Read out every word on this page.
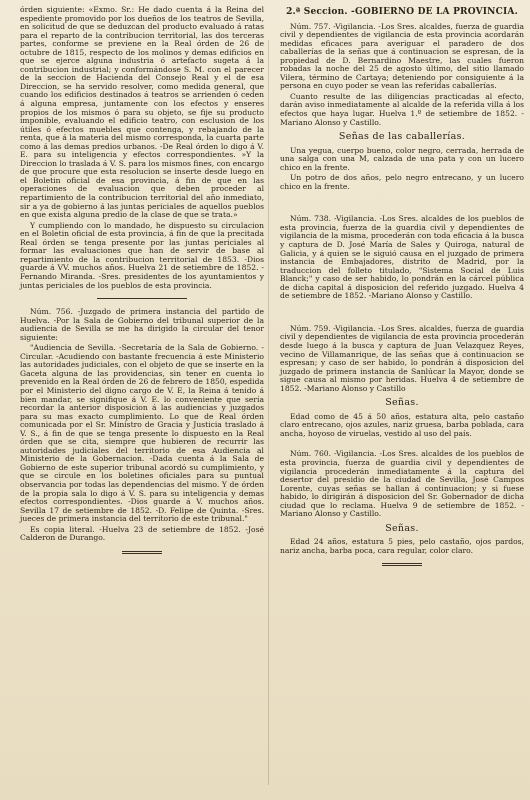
órden siguiente: «Exmo. Sr.: He dado cuenta á la Reina del espediente promovido por los dueños de los teatros de Sevilla, en solicitud de que se deduzcan del producto evaluado á ratas para el reparto de la contribucion territorial, las dos terceras partes, conforme se previene en la Real órden de 26 de octubre de 1815, respecto de los molinos y demas edificios en que se ejerce alguna industria ó artefacto sugeta á la contribucion industrial; y conformándose S. M. con el parecer de la seccion de Hacienda del Consejo Real y el de esa Direccion, se ha servido resolver, como medida general, que cuando los edificios destinados á teatros se arrienden ó ceden á alguna empresa, juntamente con los efectos y enseres propios de los mismos ó para su objeto, se fije su producto imponible, evaluando el edificio teatro, con esclusion de los útiles ó efectos muebles que contenga, y rebajando de la renta, que á la materia del mismo corresponda, la cuarta parte como á las demas predios urbanos. -De Real órden lo digo á V. E. para su inteligencia y efectos correspondientes. »Y la Direccion lo traslada á V. S. para los mismos fines, con encargo de que procure que esta resolucion se inserte desde luego en el Boletin oficial de esa provincia, á fin de que en las operaciones de evaluacion que deben proceder al repartimiento de la contribucion territorial del año inmediato, sir a ya de gobierno á las juntas periciales de aquellos pueblos en que exista alguna predio de la clase de que se trata.»

Y cumpliendo con lo mandado, he dispuesto su circulacion en el Boletin oficial de esta provincia, á fin de que la precitada Real órden se tenga presente por las juntas periciales al formar las evaluaciones que han de servir de base al repartimiento de la contribucion territorial de 1853. -Dios guarde á VV. muchos años. Huelva 21 de setiembre de 1852. -Fernando Miranda. -Sres. presidentes de los ayuntamientos y juntas periciales de los pueblos de esta provincia.

Núm. 756. -Juzgado de primera instancia del partido de Huelva. -Por la Sala de Gobierno del tribunal superior de la audiencia de Sevilla se me ha dirigido la circular del tenor siguiente:

"Audiencia de Sevilla. -Secretaría de la Sala de Gobierno. -Circular. -Acudiendo con bastante frecuencia á este Ministerio las autoridades judiciales, con el objeto de que se inserte en la Gaceta alguna de las providencias, sin tener en cuenta lo prevenido en la Real órden de 26 de febrero de 1850, espedida por el Ministerio del digno cargo de V. E, la Reina á tenido á bien mandar, se signifique á V. E. lo conveniente que sería recordar la anterior disposicion á las audiencias y juzgados para su mas exacto cumplimiento. Lo que de Real órden comunicada por el Sr. Ministro de Gracia y Justicia traslado á V. S., á fin de que se tenga presente lo dispuesto en la Real órden que se cita, siempre que hubieren de recurrir las autoridades judiciales del territorio de esa Audiencia al Ministerio de la Gobernacion. -Dada cuenta á la Sala de Gobierno de este superior tribunal acordó su cumplimiento, y que se circule en los boletines oficiales para su puntual observancia por todas las dependencias del mismo. Y de órden de la propia sala lo digo á V. S. para su inteligencia y demas efectos correspondientes. -Dios guarde á V. muchos años. Sevilla 17 de setiembre de 1852. -D. Felipe de Quinta. -Sres. jueces de primera instancia del territorio de este tribunal."

Es copia literal. -Huelva 23 de setiembre de 1852. -José Calderon de Durango.

2.ª Seccion. -GOBIERNO DE LA PROVINCIA.

Núm. 757. -Vigilancia. -Los Sres. alcaldes, fuerza de guardia civil y dependientes de vigilancia de esta provincia acordarán medidas eficaces para averiguar el paradero de dos caballerías de la señas que á continuacion se espresan, de la propiedad de D. Bernardino Maestre, las cuales fueron robadas la noche del 25 de agosto último, del sitio llamado Vilera, término de Cartaya; deteniendo por consiguiente á la persona en cuyo poder se vean las referidas caballerías.

Cuanto resulte de las diligencias practicadas al efecto, darán aviso inmediatamente al alcalde de la referida villa á los efectos que haya lugar. Huelva 1.º de setiembre de 1852. -Mariano Alonso y Castillo.

Señas de las caballerías.

Una yegua, cuerpo bueno, color negro, cerrada, herrada de una salga con una M, calzada de una pata y con un lucero chico en la frente.

Un potro de dos años, pelo negro entrecano, y un lucero chico en la frente.

Núm. 738. -Vigilancia. -Los Sres. alcaldes de los pueblos de esta provincia, fuerza de la guardia civil y dependientes de vigilancia de la misma, procederán con toda eficacia á la busca y captura de D. José María de Sales y Quiroga, natural de Galicia, y á quien se le siguió causa en el juzgado de primera instancia de Embajadores, distrito de Madrid, por la traduccion del folleto titulado, "Sistema Social de Luis Blanck;" y caso de ser habido, lo pondrán en la cárcel pública de dicha capital á disposicion del referido juzgado. Huelva 4 de setiembre de 1852. -Mariano Alonso y Castillo.

Núm. 759. -Vigilancia. -Los Sres. alcaldes, fuerza de guardia civil y dependientes de vigilancia de esta provincia procederán desde luego á la busca y captura de Juan Velazquez Reyes, vecino de Villamanrique, de las señas que á continuacion se espresan; y caso de ser habido, lo pondrán á disposicion del juzgado de primera instancia de Sanlúcar la Mayor, donde se sigue causa al mismo por heridas. Huelva 4 de setiembre de 1852. -Mariano Alonso y Castillo

Señas.

Edad como de 45 á 50 años, estatura alta, pelo castaño claro entrecano, ojos azules, nariz gruesa, barba poblada, cara ancha, hoyoso de viruelas, vestido al uso del país.

Núm. 760. -Vigilancia. -Los Sres. alcaldes de los pueblos de esta provincia, fuerza de guardia civil y dependientes de vigilancia procederán inmediatamente á la captura del desertor del presidio de la ciudad de Sevilla, José Campos Lorente, cuyas señas se hallan á continuacion; y si fuese habido, lo dirigirán á disposicion del Sr. Gobernador de dicha ciudad que lo reclama. Huelva 9 de setiembre de 1852. -Mariano Alonso y Castillo.

Señas.

Edad 24 años, estatura 5 pies, pelo castaño, ojos pardos, nariz ancha, barba poca, cara regular, color claro.
